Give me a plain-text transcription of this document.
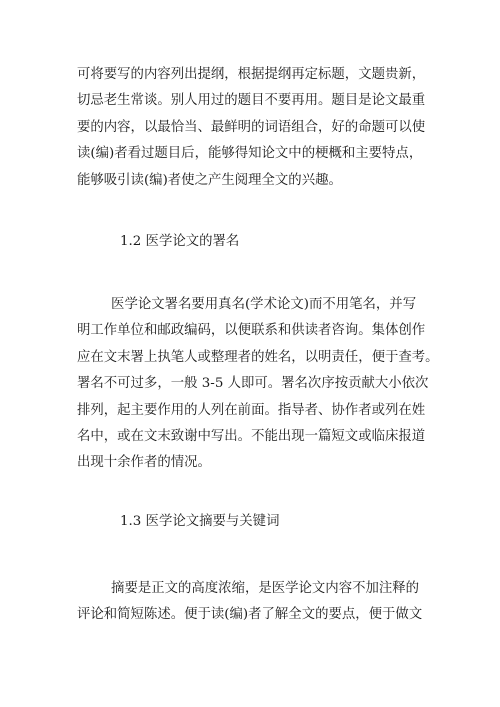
可将要写的内容列出提纲，根据提纲再定标题，文题贵新，
切忌老生常谈。别人用过的题目不要再用。题目是论文最重
要的内容，以最恰当、最鲜明的词语组合，好的命题可以使
读(编)者看过题目后，能够得知论文中的梗概和主要特点，
能够吸引读(编)者使之产生阅理全文的兴趣。

1.2 医学论文的署名

医学论文署名要用真名(学术论文)而不用笔名，并写
明工作单位和邮政编码，以便联系和供读者咨询。集体创作
应在文末署上执笔人或整理者的姓名，以明责任，便于查考。
署名不可过多，一般 3-5 人即可。署名次序按贡献大小依次
排列，起主要作用的人列在前面。指导者、协作者或列在姓
名中，或在文末致谢中写出。不能出现一篇短文或临床报道
出现十余作者的情况。

1.3 医学论文摘要与关键词

摘要是正文的高度浓缩，是医学论文内容不加注释的
评论和简短陈述。便于读(编)者了解全文的要点，便于做文
